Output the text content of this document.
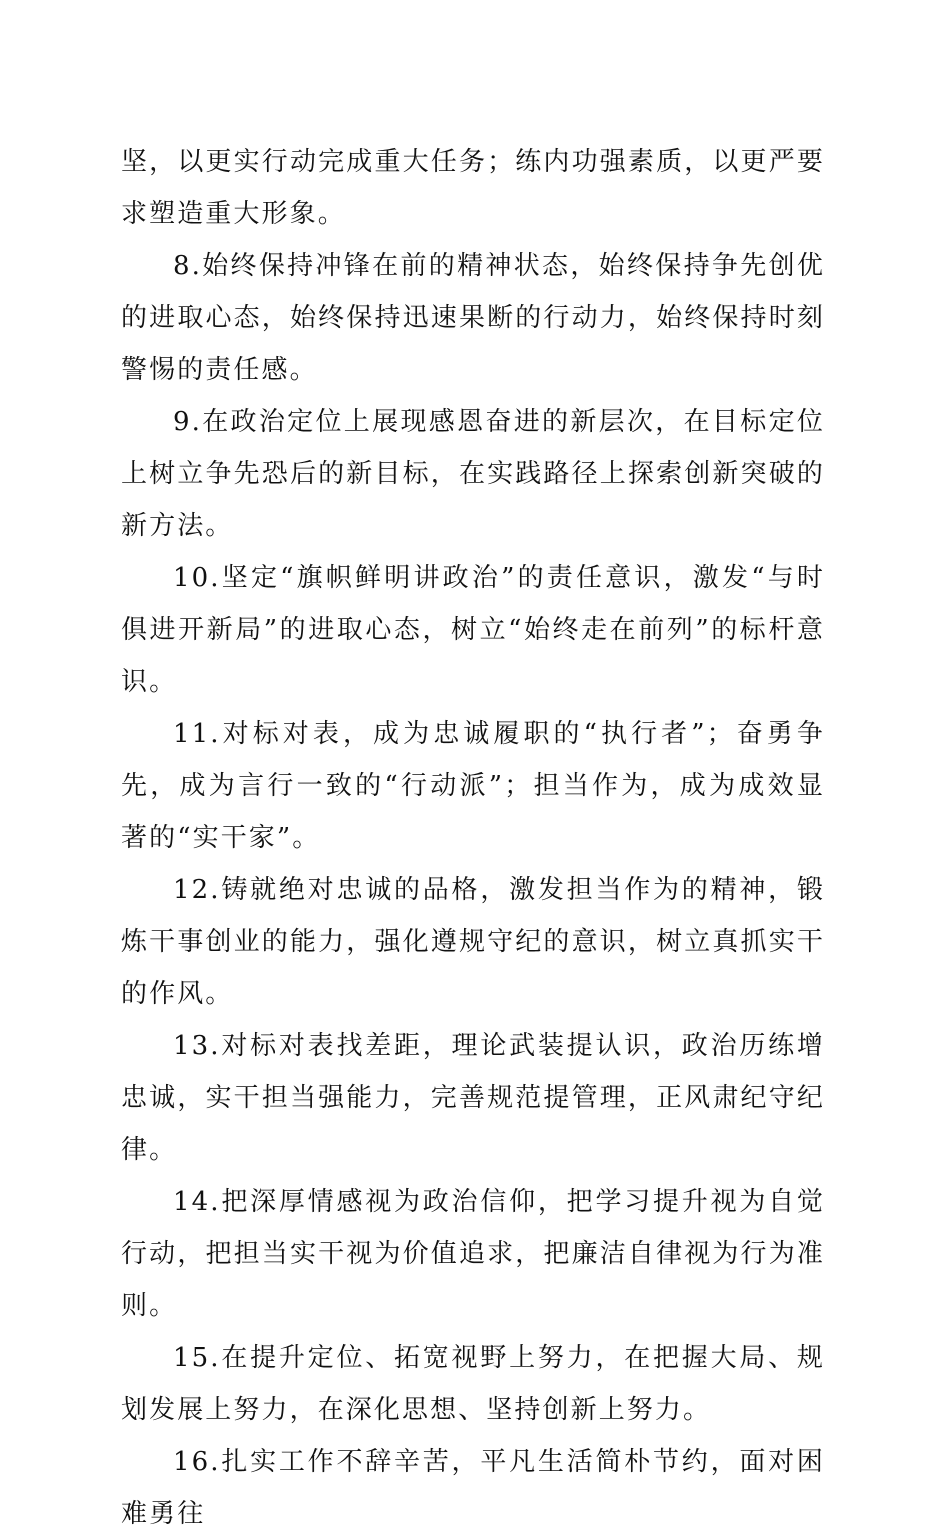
坚，以更实行动完成重大任务；练内功强素质，以更严要求塑造重大形象。

8.始终保持冲锋在前的精神状态，始终保持争先创优的进取心态，始终保持迅速果断的行动力，始终保持时刻警惕的责任感。

9.在政治定位上展现感恩奋进的新层次，在目标定位上树立争先恐后的新目标，在实践路径上探索创新突破的新方法。

10.坚定“旗帜鲜明讲政治”的责任意识，激发“与时俱进开新局”的进取心态，树立“始终走在前列”的标杆意识。

11.对标对表，成为忠诚履职的“执行者”；奋勇争先，成为言行一致的“行动派”；担当作为，成为成效显著的“实干家”。

12.铸就绝对忠诚的品格，激发担当作为的精神，锻炼干事创业的能力，强化遵规守纪的意识，树立真抓实干的作风。

13.对标对表找差距，理论武装提认识，政治历练增忠诚，实干担当强能力，完善规范提管理，正风肃纪守纪律。

14.把深厚情感视为政治信仰，把学习提升视为自觉行动，把担当实干视为价值追求，把廉洁自律视为行为准则。

15.在提升定位、拓宽视野上努力，在把握大局、规划发展上努力，在深化思想、坚持创新上努力。

16.扎实工作不辞辛苦，平凡生活简朴节约，面对困难勇往
